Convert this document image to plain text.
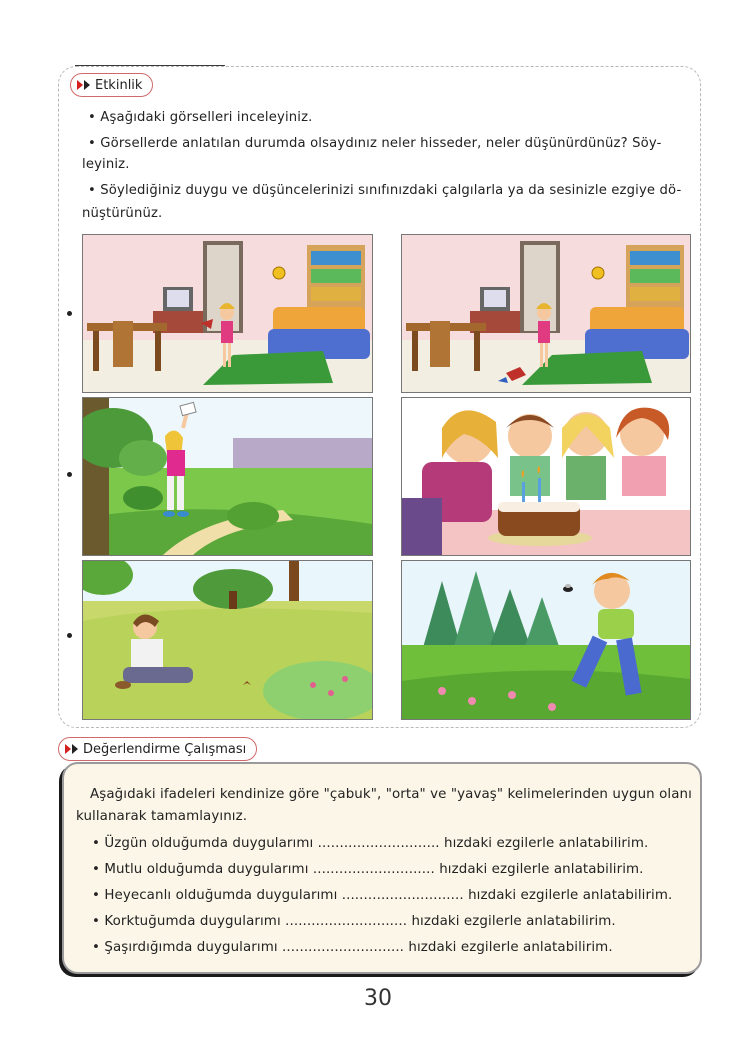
Etkinlik
• Aşağıdaki görselleri inceleyiniz.
• Görsellerde anlatılan durumda olsaydınız neler hisseder, neler düşünürdünüz? Söy-
leyiniz.
• Söylediğiniz duygu ve düşüncelerinizi sınıfınızdaki çalgılarla ya da sesinizle ezgiye dö-
nüştürünüz.
Değerlendirme Çalışması
Aşağıdaki ifadeleri kendinize göre "çabuk", "orta" ve "yavaş" kelimelerinden uygun olanı
kullanarak tamamlayınız.
• Üzgün olduğumda duygularımı ............................ hızdaki ezgilerle anlatabilirim.
• Mutlu olduğumda duygularımı ............................ hızdaki ezgilerle anlatabilirim.
• Heyecanlı olduğumda duygularımı ............................ hızdaki ezgilerle anlatabilirim.
• Korktuğumda duygularımı ............................ hızdaki ezgilerle anlatabilirim.
• Şaşırdığımda duygularımı ............................ hızdaki ezgilerle anlatabilirim.
30
